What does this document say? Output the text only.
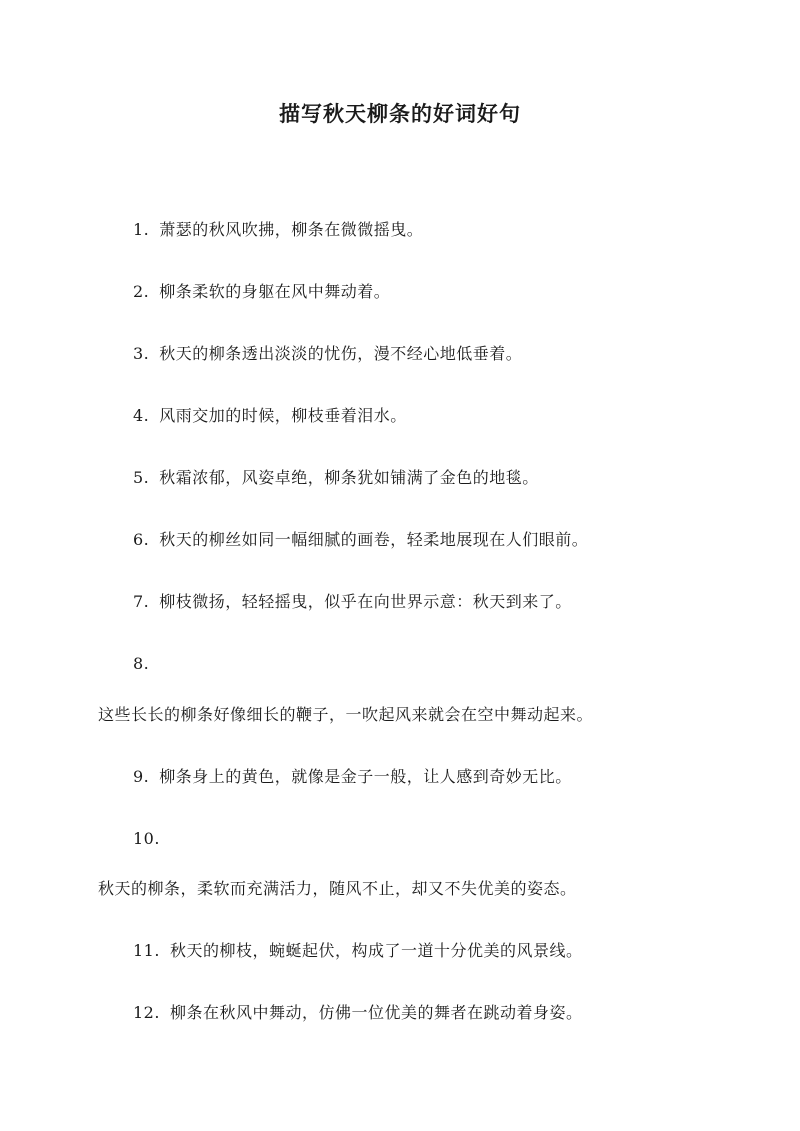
描写秋天柳条的好词好句
1. 萧瑟的秋风吹拂，柳条在微微摇曳。
2. 柳条柔软的身躯在风中舞动着。
3. 秋天的柳条透出淡淡的忧伤，漫不经心地低垂着。
4. 风雨交加的时候，柳枝垂着泪水。
5. 秋霜浓郁，风姿卓绝，柳条犹如铺满了金色的地毯。
6. 秋天的柳丝如同一幅细腻的画卷，轻柔地展现在人们眼前。
7. 柳枝微扬，轻轻摇曳，似乎在向世界示意：秋天到来了。
8.
这些长长的柳条好像细长的鞭子，一吹起风来就会在空中舞动起来。
9. 柳条身上的黄色，就像是金子一般，让人感到奇妙无比。
10.
秋天的柳条，柔软而充满活力，随风不止，却又不失优美的姿态。
11. 秋天的柳枝，蜿蜒起伏，构成了一道十分优美的风景线。
12. 柳条在秋风中舞动，仿佛一位优美的舞者在跳动着身姿。
